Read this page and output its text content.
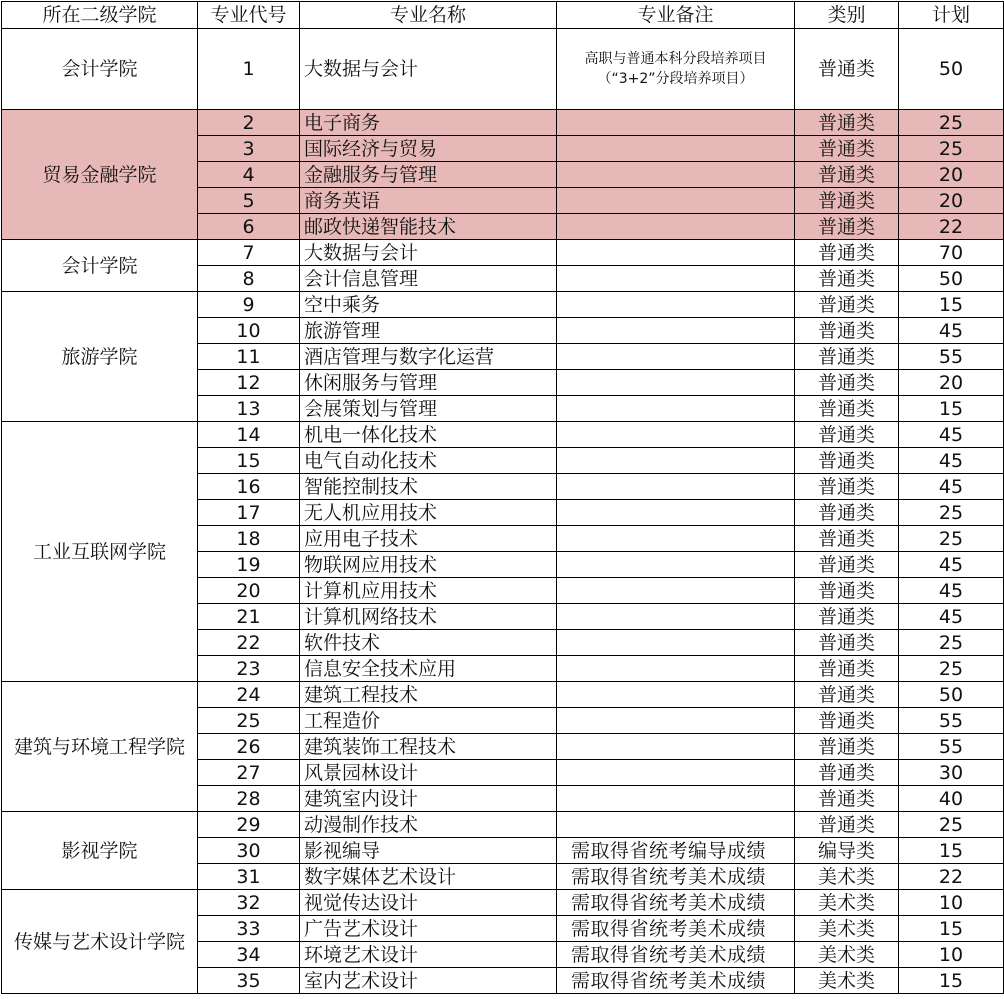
所在二级学院	专业代号	专业名称	专业备注	类别	计划
会计学院	1	大数据与会计	高职与普通本科分段培养项目（“3+2”分段培养项目）	普通类	50
贸易金融学院	2	电子商务		普通类	25
	3	国际经济与贸易		普通类	25
	4	金融服务与管理		普通类	20
	5	商务英语		普通类	20
	6	邮政快递智能技术		普通类	22
会计学院	7	大数据与会计		普通类	70
	8	会计信息管理		普通类	50
旅游学院	9	空中乘务		普通类	15
	10	旅游管理		普通类	45
	11	酒店管理与数字化运营		普通类	55
	12	休闲服务与管理		普通类	20
	13	会展策划与管理		普通类	15
工业互联网学院	14	机电一体化技术		普通类	45
	15	电气自动化技术		普通类	45
	16	智能控制技术		普通类	45
	17	无人机应用技术		普通类	25
	18	应用电子技术		普通类	25
	19	物联网应用技术		普通类	45
	20	计算机应用技术		普通类	45
	21	计算机网络技术		普通类	45
	22	软件技术		普通类	25
	23	信息安全技术应用		普通类	25
建筑与环境工程学院	24	建筑工程技术		普通类	50
	25	工程造价		普通类	55
	26	建筑装饰工程技术		普通类	55
	27	风景园林设计		普通类	30
	28	建筑室内设计		普通类	40
影视学院	29	动漫制作技术		普通类	25
	30	影视编导	需取得省统考编导成绩	编导类	15
	31	数字媒体艺术设计	需取得省统考美术成绩	美术类	22
传媒与艺术设计学院	32	视觉传达设计	需取得省统考美术成绩	美术类	10
	33	广告艺术设计	需取得省统考美术成绩	美术类	15
	34	环境艺术设计	需取得省统考美术成绩	美术类	10
	35	室内艺术设计	需取得省统考美术成绩	美术类	15
